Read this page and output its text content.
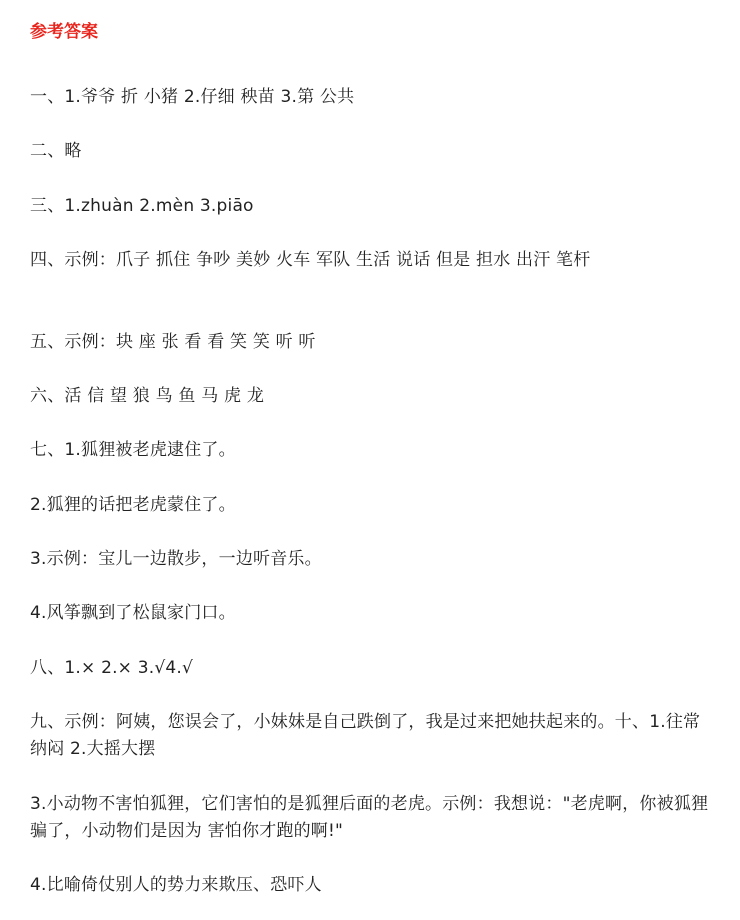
参考答案
一、1.爷爷 折 小猪 2.仔细 秧苗 3.第 公共
二、略
三、1.zhuàn 2.mèn 3.piāo
四、示例：爪子 抓住 争吵 美妙 火车 军队 生活 说话 但是 担水 出汗 笔杆
五、示例：块 座 张 看 看 笑 笑 听 听
六、活 信 望 狼 鸟 鱼 马 虎 龙
七、1.狐狸被老虎逮住了。
2.狐狸的话把老虎蒙住了。
3.示例：宝儿一边散步，一边听音乐。
4.风筝飘到了松鼠家门口。
八、1.× 2.× 3.√4.√
九、示例：阿姨，您误会了，小妹妹是自己跌倒了，我是过来把她扶起来的。十、1.往常 纳闷 2.大摇大摆
3.小动物不害怕狐狸，它们害怕的是狐狸后面的老虎。示例：我想说："老虎啊，你被狐狸骗了，小动物们是因为 害怕你才跑的啊!"
4.比喻倚仗别人的势力来欺压、恐吓人
